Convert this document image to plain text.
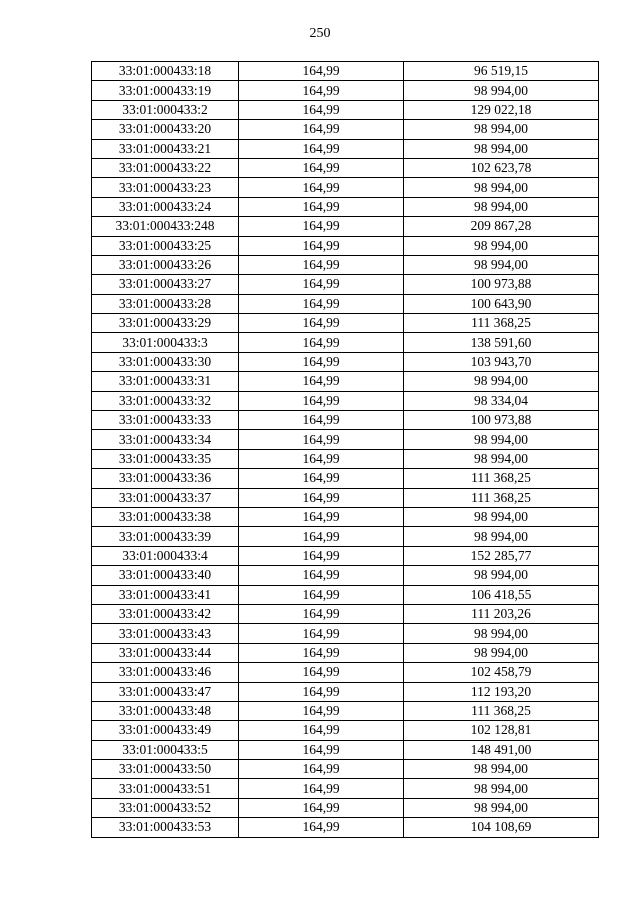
250
33:01:000433:18	164,99	96 519,15
33:01:000433:19	164,99	98 994,00
33:01:000433:2	164,99	129 022,18
33:01:000433:20	164,99	98 994,00
33:01:000433:21	164,99	98 994,00
33:01:000433:22	164,99	102 623,78
33:01:000433:23	164,99	98 994,00
33:01:000433:24	164,99	98 994,00
33:01:000433:248	164,99	209 867,28
33:01:000433:25	164,99	98 994,00
33:01:000433:26	164,99	98 994,00
33:01:000433:27	164,99	100 973,88
33:01:000433:28	164,99	100 643,90
33:01:000433:29	164,99	111 368,25
33:01:000433:3	164,99	138 591,60
33:01:000433:30	164,99	103 943,70
33:01:000433:31	164,99	98 994,00
33:01:000433:32	164,99	98 334,04
33:01:000433:33	164,99	100 973,88
33:01:000433:34	164,99	98 994,00
33:01:000433:35	164,99	98 994,00
33:01:000433:36	164,99	111 368,25
33:01:000433:37	164,99	111 368,25
33:01:000433:38	164,99	98 994,00
33:01:000433:39	164,99	98 994,00
33:01:000433:4	164,99	152 285,77
33:01:000433:40	164,99	98 994,00
33:01:000433:41	164,99	106 418,55
33:01:000433:42	164,99	111 203,26
33:01:000433:43	164,99	98 994,00
33:01:000433:44	164,99	98 994,00
33:01:000433:46	164,99	102 458,79
33:01:000433:47	164,99	112 193,20
33:01:000433:48	164,99	111 368,25
33:01:000433:49	164,99	102 128,81
33:01:000433:5	164,99	148 491,00
33:01:000433:50	164,99	98 994,00
33:01:000433:51	164,99	98 994,00
33:01:000433:52	164,99	98 994,00
33:01:000433:53	164,99	104 108,69
